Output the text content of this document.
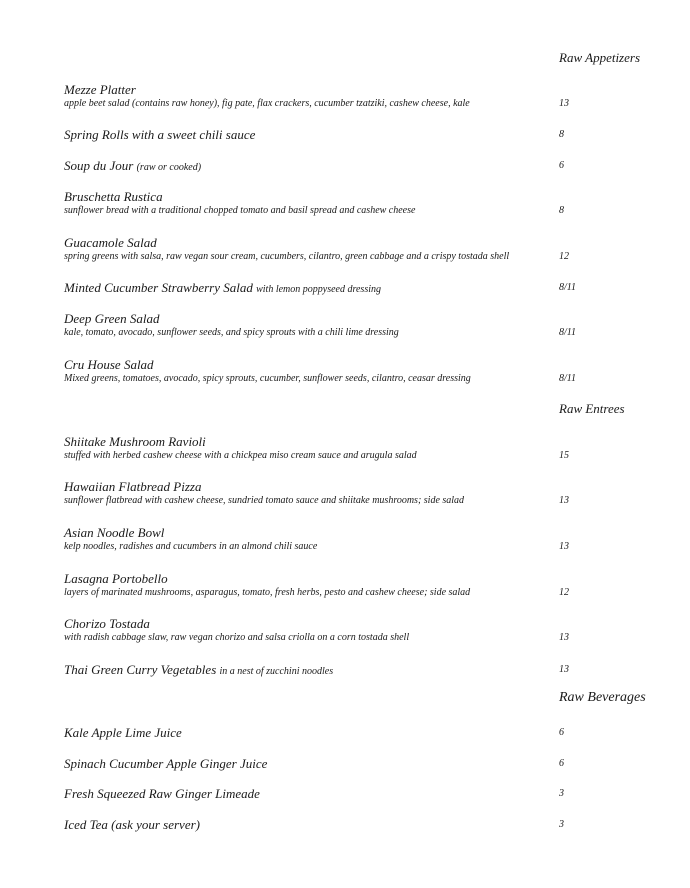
Raw Appetizers
Raw Entrees
Raw Beverages
Mezze Platter
apple beet salad (contains raw honey), fig pate, flax crackers, cucumber tzatziki, cashew cheese, kale	13
Spring Rolls with a sweet chili sauce	8
Soup du Jour (raw or cooked)	6
Bruschetta Rustica
sunflower bread with a traditional chopped tomato and basil spread and cashew cheese	8
Guacamole Salad
spring greens with salsa, raw vegan sour cream, cucumbers, cilantro, green cabbage and a crispy tostada shell	12
Minted Cucumber Strawberry Salad with lemon poppyseed dressing	8/11
Deep Green Salad
kale, tomato, avocado, sunflower seeds, and spicy sprouts with a chili lime dressing	8/11
Cru House Salad
Mixed greens, tomatoes, avocado, spicy sprouts, cucumber, sunflower seeds, cilantro, ceasar dressing	8/11
Shiitake Mushroom Ravioli
stuffed with herbed cashew cheese with a chickpea miso cream sauce and arugula salad	15
Hawaiian Flatbread Pizza
sunflower flatbread with cashew cheese, sundried tomato sauce and shiitake mushrooms; side salad	13
Asian Noodle Bowl
kelp noodles, radishes and cucumbers in an almond chili sauce	13
Lasagna Portobello
layers of marinated mushrooms, asparagus, tomato, fresh herbs, pesto and cashew cheese; side salad	12
Chorizo Tostada
with radish cabbage slaw, raw vegan chorizo and salsa criolla on a corn tostada shell	13
Thai Green Curry Vegetables in a nest of zucchini noodles	13
Kale Apple Lime Juice	6
Spinach Cucumber Apple Ginger Juice	6
Fresh Squeezed Raw Ginger Limeade	3
Iced Tea (ask your server)	3
